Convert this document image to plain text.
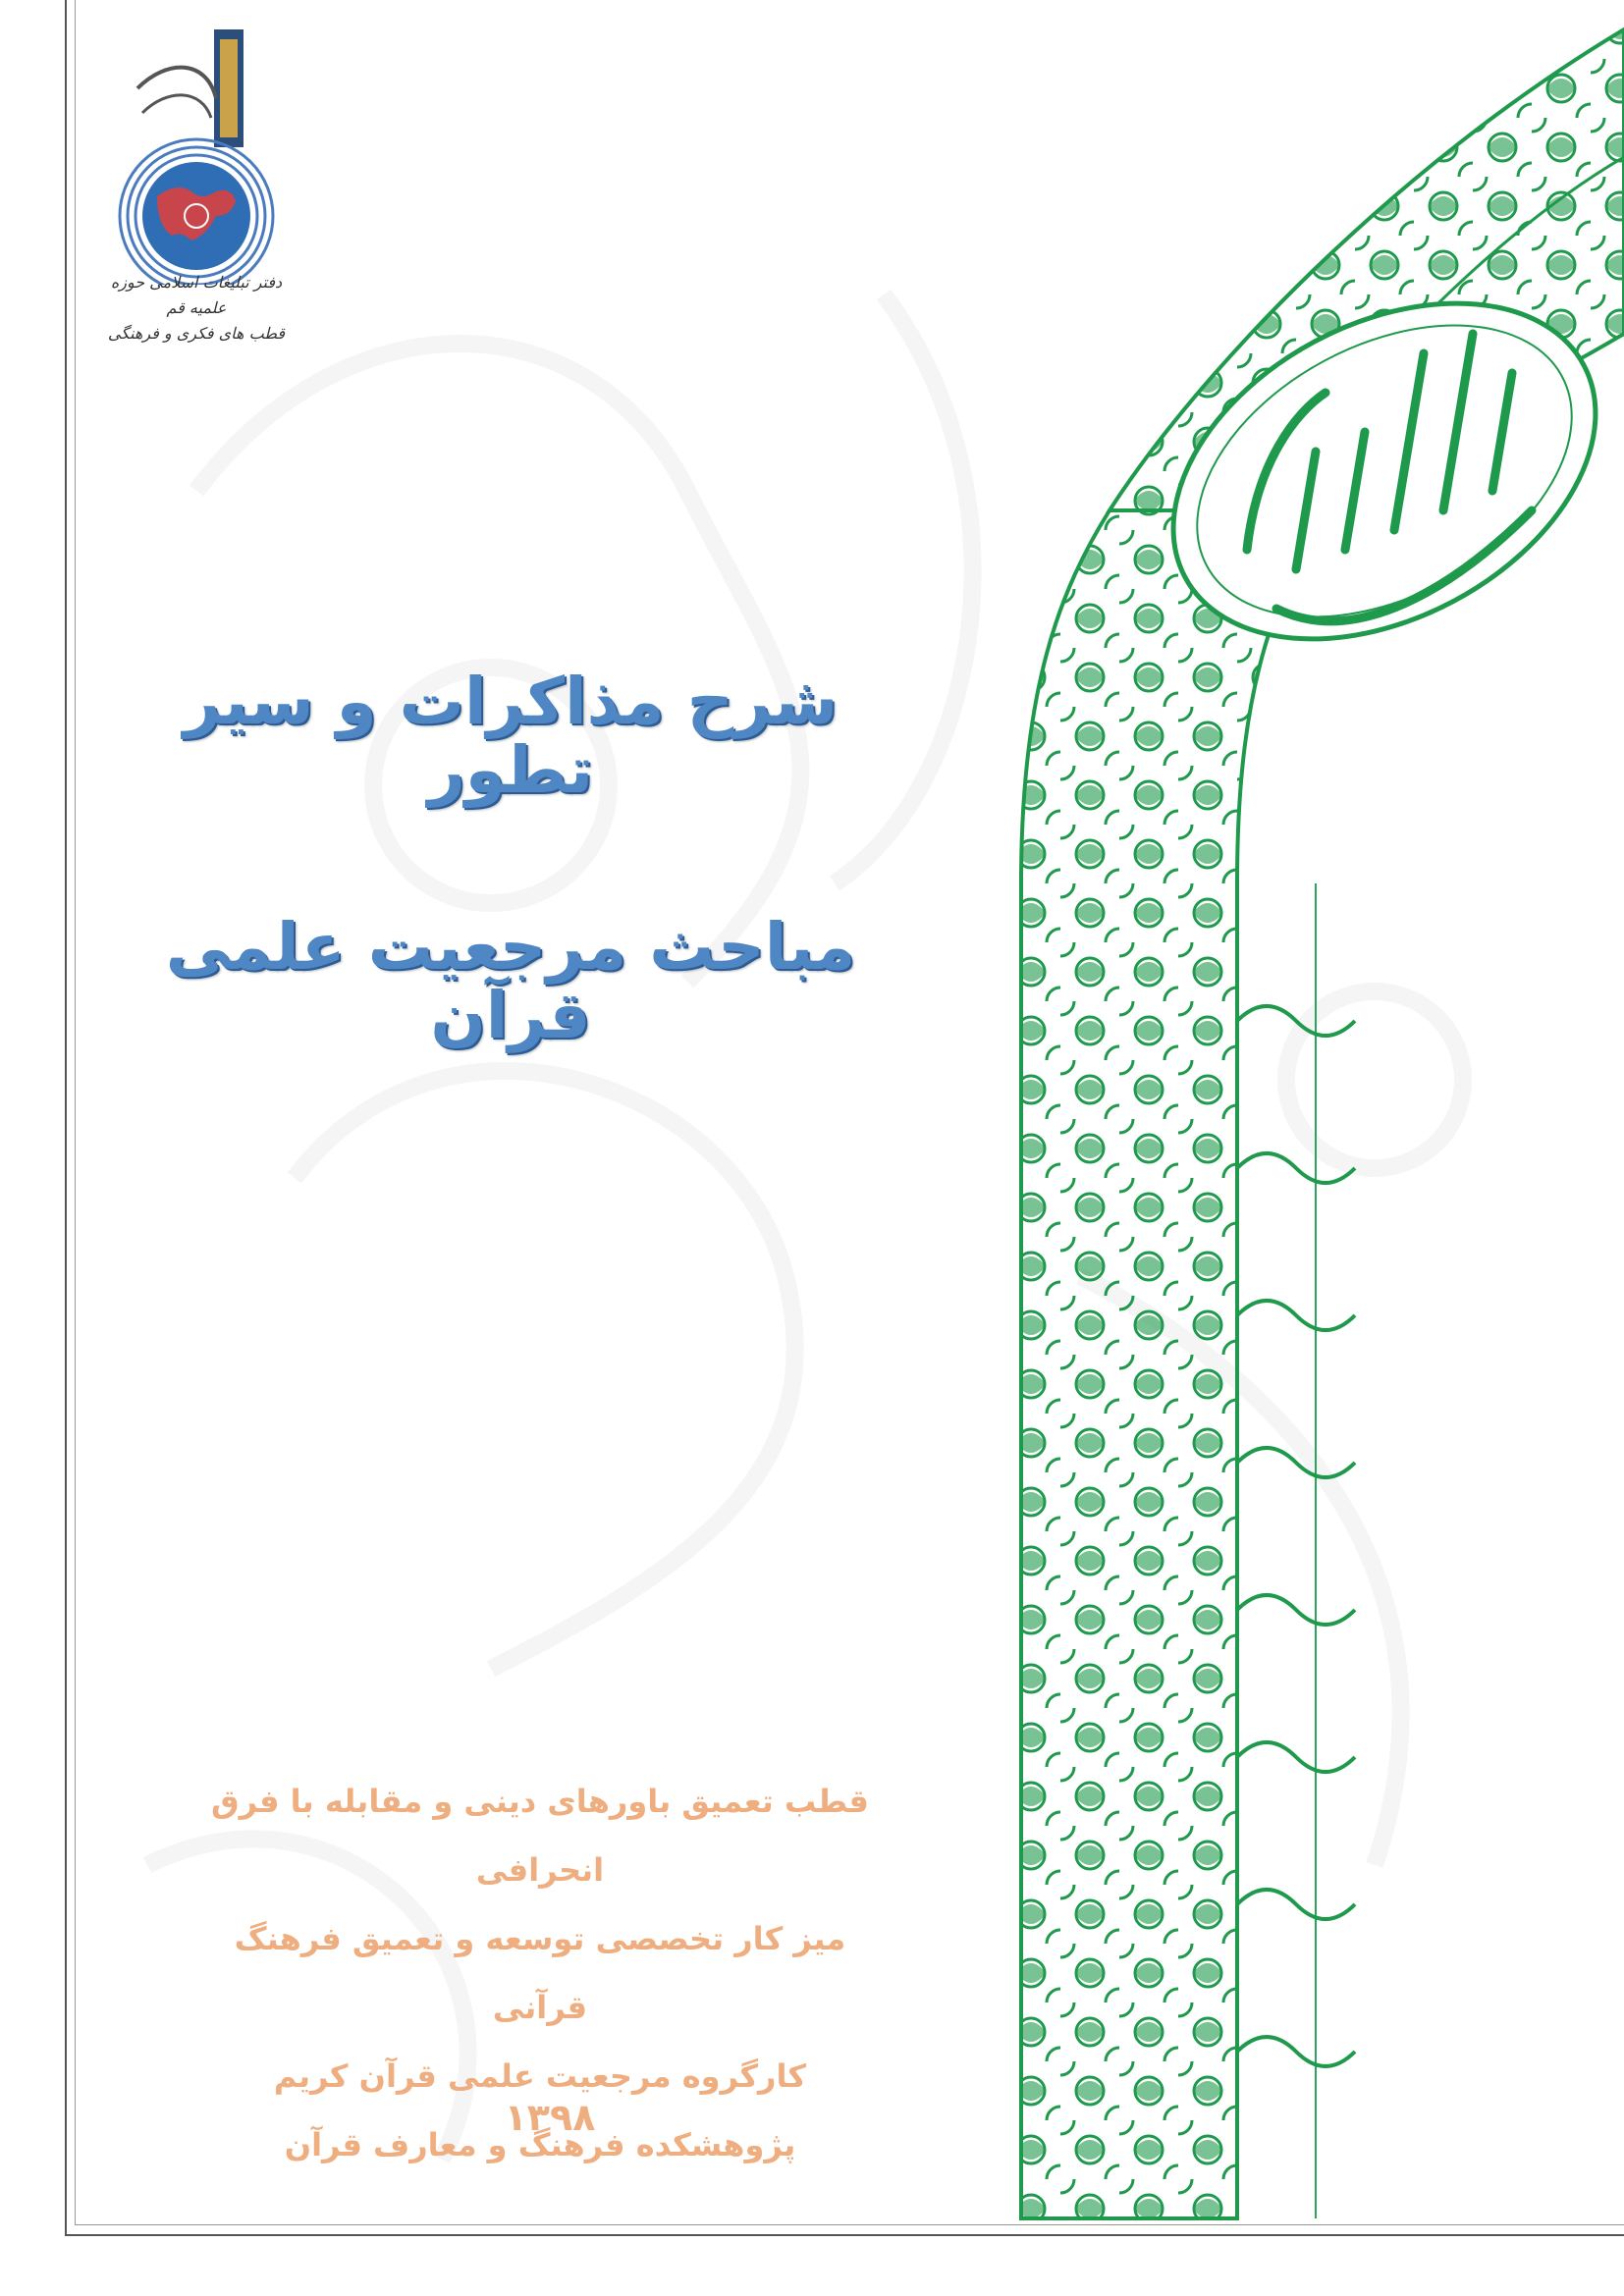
دفتر تبلیغات اسلامی حوزه علمیه قم
قطب های فکری و فرهنگی
شرح مذاکرات و سیر تطور
مباحث مرجعیت علمی قرآن
قطب تعمیق باورهای دینی و مقابله با فرق انحرافی
میز کار تخصصی توسعه و تعمیق فرهنگ قرآنی
کارگروه مرجعیت علمی قرآن کریم
پژوهشکده فرهنگ و معارف قرآن
۱۳۹۸
